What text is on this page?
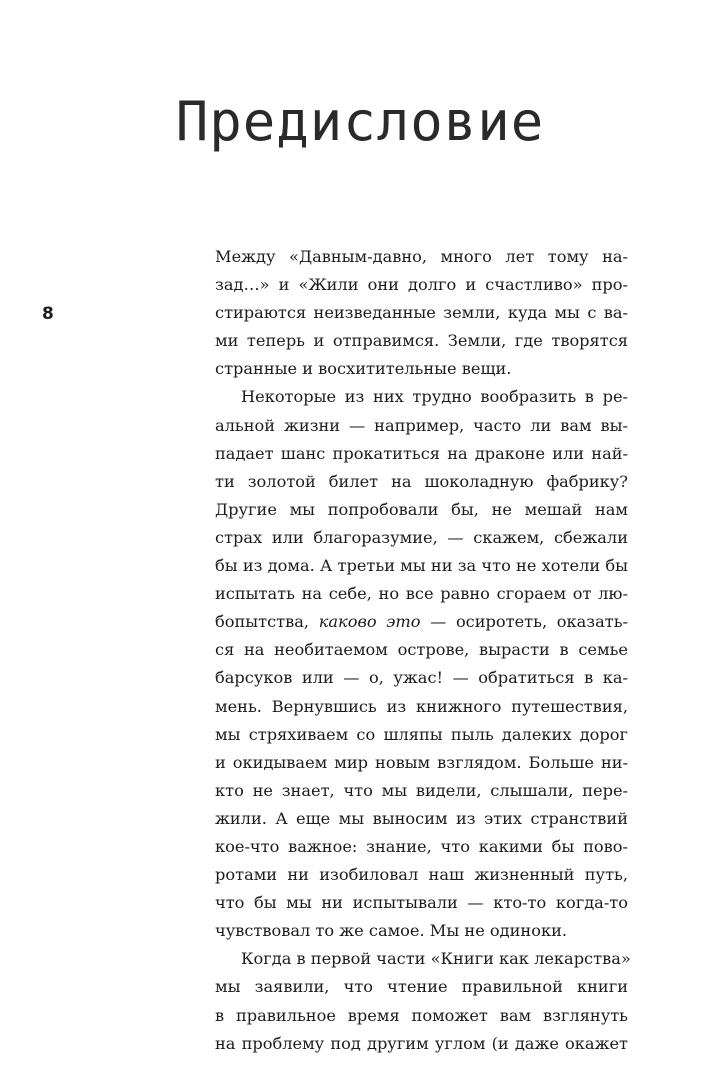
Предисловие
8
Между «Давным-давно, много лет тому на-
зад…» и «Жили они долго и счастливо» про-
стираются неизведанные земли, куда мы с ва-
ми теперь и отправимся. Земли, где творятся
странные и восхитительные вещи.
Некоторые из них трудно вообразить в ре-
альной жизни — например, часто ли вам вы-
падает шанс прокатиться на драконе или най-
ти золотой билет на шоколадную фабрику?
Другие мы попробовали бы, не мешай нам
страх или благоразумие, — скажем, сбежали
бы из дома. А третьи мы ни за что не хотели бы
испытать на себе, но все равно сгораем от лю-
бопытства, каково это — осиротеть, оказать-
ся на необитаемом острове, вырасти в семье
барсуков или — о, ужас! — обратиться в ка-
мень. Вернувшись из книжного путешествия,
мы стряхиваем со шляпы пыль далеких дорог
и окидываем мир новым взглядом. Больше ни-
кто не знает, что мы видели, слышали, пере-
жили. А еще мы выносим из этих странствий
кое-что важное: знание, что какими бы пово-
ротами ни изобиловал наш жизненный путь,
что бы мы ни испытывали — кто-то когда-то
чувствовал то же самое. Мы не одиноки.
Когда в первой части «Книги как лекарства»
мы заявили, что чтение правильной книги
в правильное время поможет вам взглянуть
на проблему под другим углом (и даже окажет
